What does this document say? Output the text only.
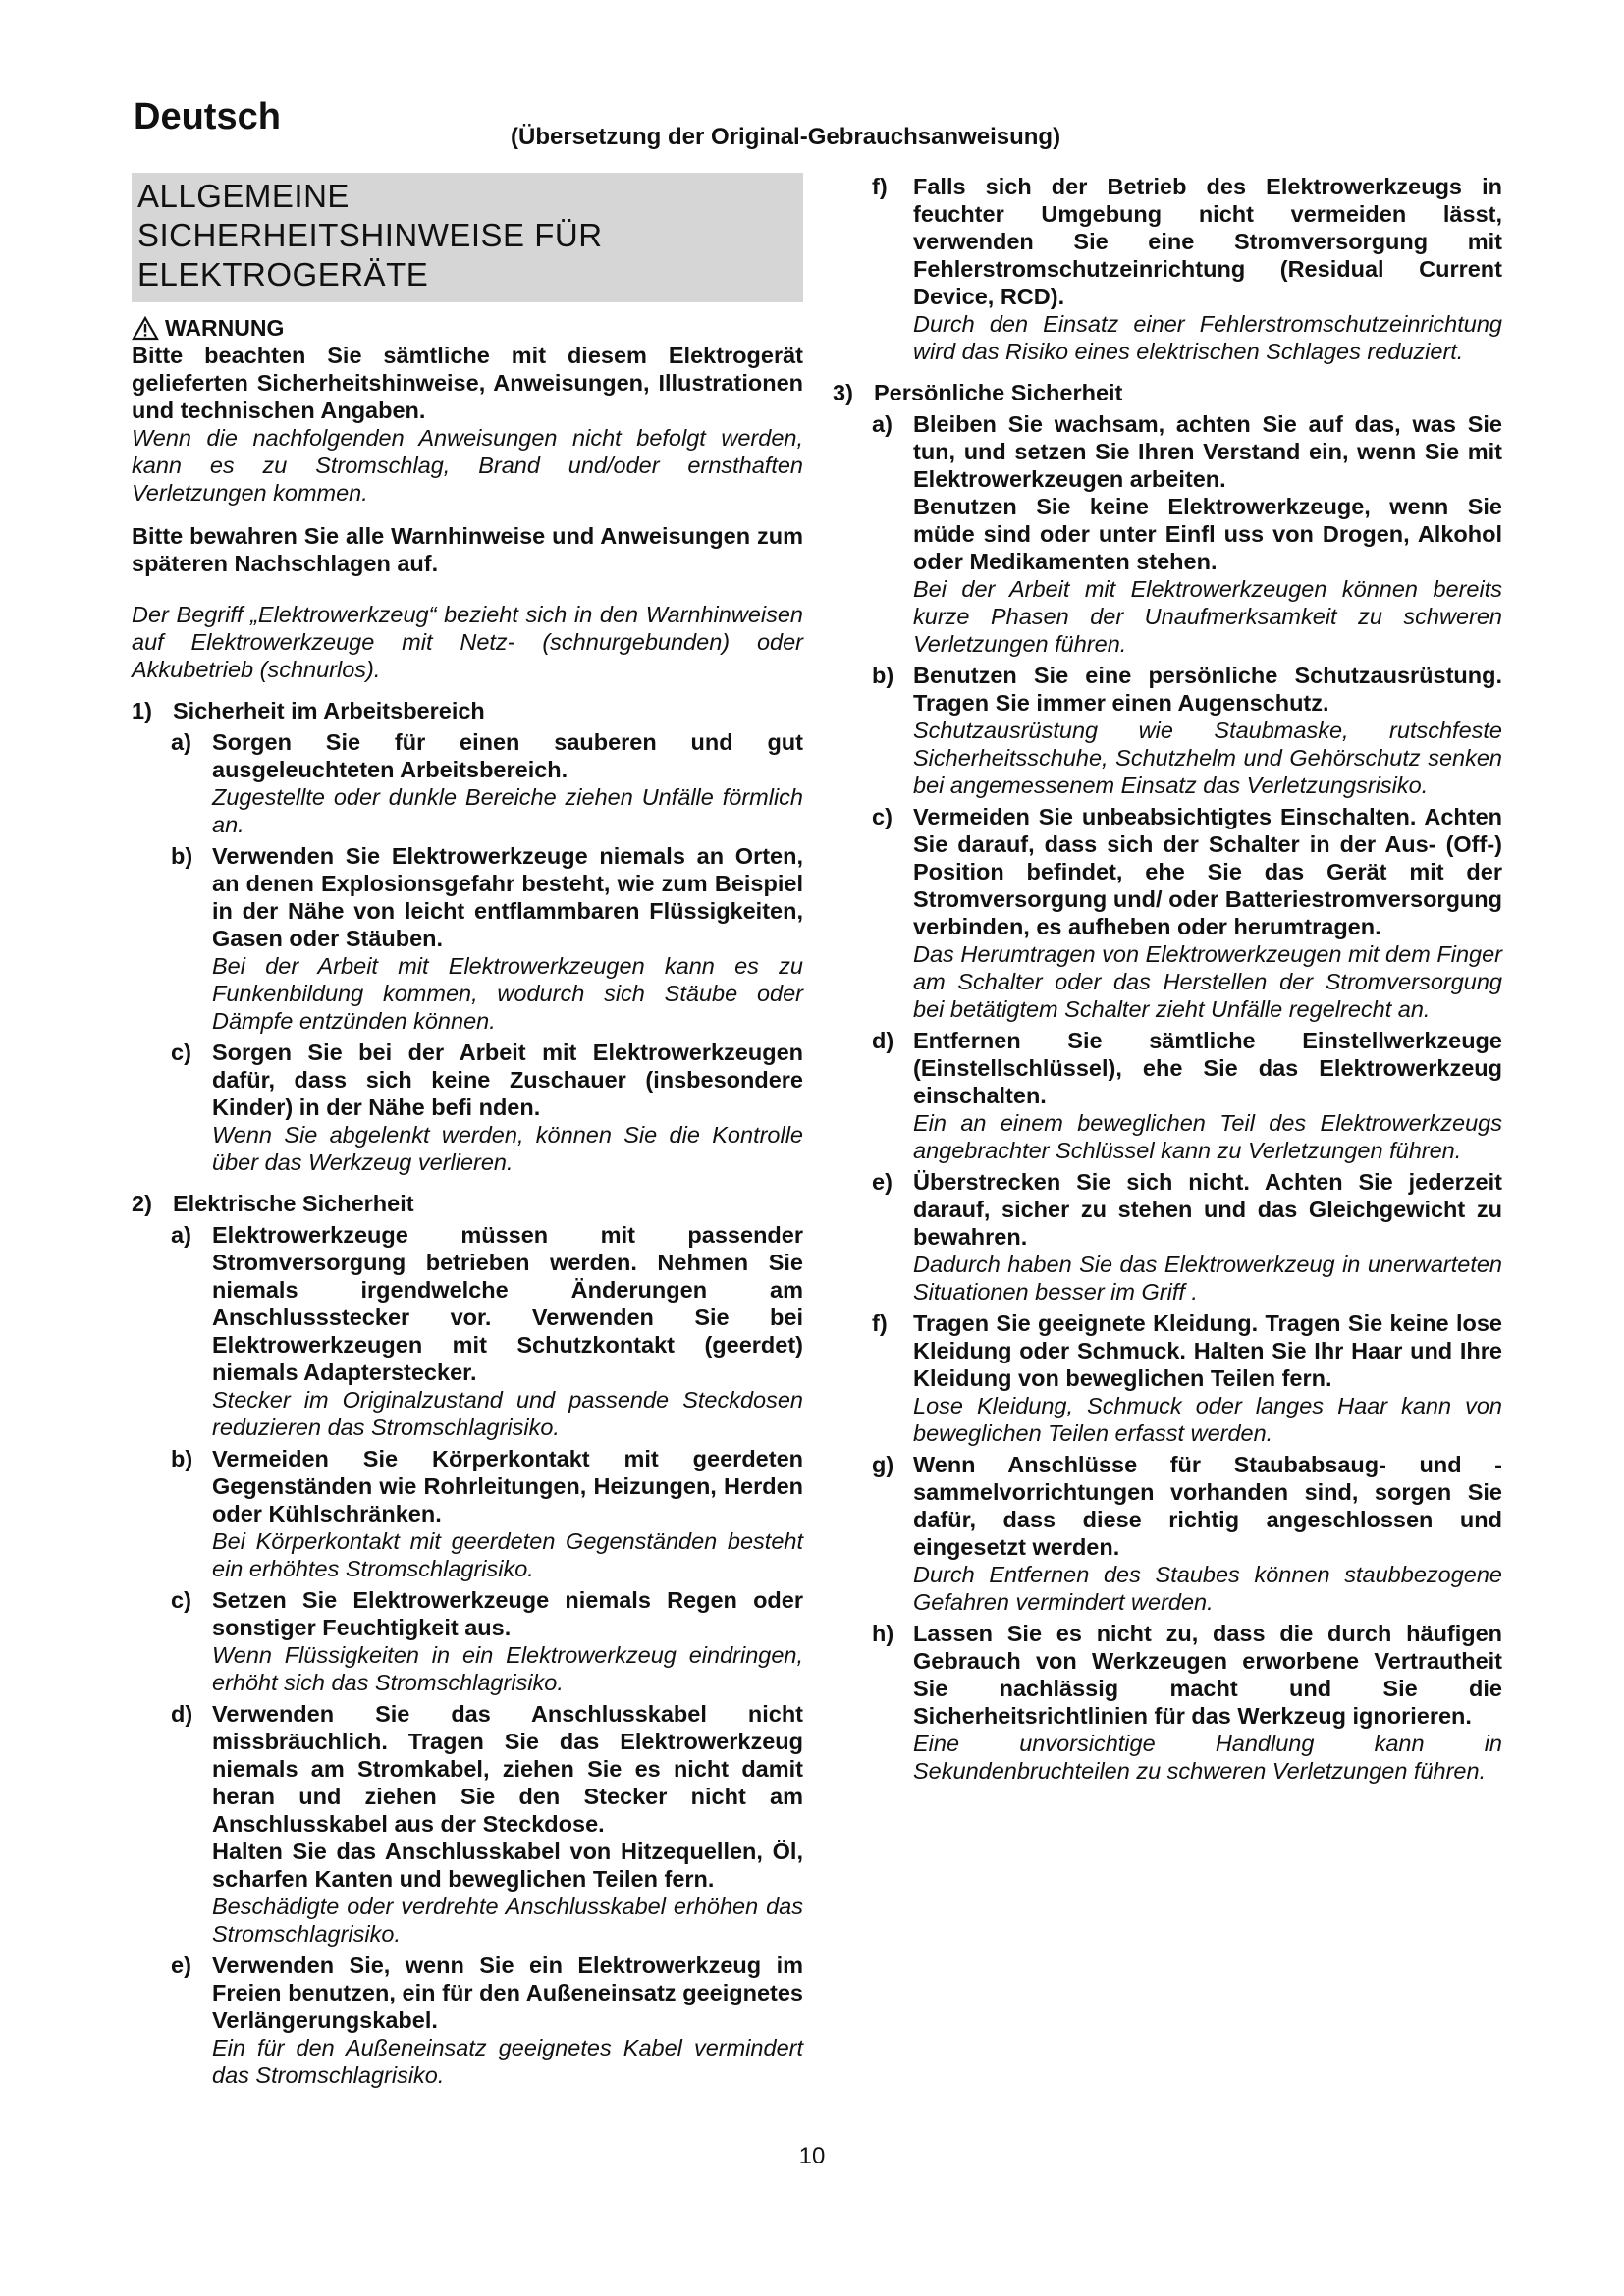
Deutsch	(Übersetzung der Original-Gebrauchsanweisung)
ALLGEMEINE
SICHERHEITSHINWEISE FÜR
ELEKTROGERÄTE
WARNUNG
Bitte beachten Sie sämtliche mit diesem Elektrogerät gelieferten Sicherheitshinweise, Anweisungen, Illustrationen und technischen Angaben.
Wenn die nachfolgenden Anweisungen nicht befolgt werden, kann es zu Stromschlag, Brand und/oder ernsthaften Verletzungen kommen.
Bitte bewahren Sie alle Warnhinweise und Anweisungen zum späteren Nachschlagen auf.
Der Begriff „Elektrowerkzeug“ bezieht sich in den Warnhinweisen auf Elektrowerkzeuge mit Netz- (schnurgebunden) oder Akkubetrieb (schnurlos).
1) Sicherheit im Arbeitsbereich
a) Sorgen Sie für einen sauberen und gut ausgeleuchteten Arbeitsbereich.
Zugestellte oder dunkle Bereiche ziehen Unfälle förmlich an.
b) Verwenden Sie Elektrowerkzeuge niemals an Orten, an denen Explosionsgefahr besteht, wie zum Beispiel in der Nähe von leicht entflammbaren Flüssigkeiten, Gasen oder Stäuben.
Bei der Arbeit mit Elektrowerkzeugen kann es zu Funkenbildung kommen, wodurch sich Stäube oder Dämpfe entzünden können.
c) Sorgen Sie bei der Arbeit mit Elektrowerkzeugen dafür, dass sich keine Zuschauer (insbesondere Kinder) in der Nähe befi nden.
Wenn Sie abgelenkt werden, können Sie die Kontrolle über das Werkzeug verlieren.
2) Elektrische Sicherheit
a) Elektrowerkzeuge müssen mit passender Stromversorgung betrieben werden. Nehmen Sie niemals irgendwelche Änderungen am Anschlussstecker vor. Verwenden Sie bei Elektrowerkzeugen mit Schutzkontakt (geerdet) niemals Adapterstecker.
Stecker im Originalzustand und passende Steckdosen reduzieren das Stromschlagrisiko.
b) Vermeiden Sie Körperkontakt mit geerdeten Gegenständen wie Rohrleitungen, Heizungen, Herden oder Kühlschränken.
Bei Körperkontakt mit geerdeten Gegenständen besteht ein erhöhtes Stromschlagrisiko.
c) Setzen Sie Elektrowerkzeuge niemals Regen oder sonstiger Feuchtigkeit aus.
Wenn Flüssigkeiten in ein Elektrowerkzeug eindringen, erhöht sich das Stromschlagrisiko.
d) Verwenden Sie das Anschlusskabel nicht missbräuchlich. Tragen Sie das Elektrowerkzeug niemals am Stromkabel, ziehen Sie es nicht damit heran und ziehen Sie den Stecker nicht am Anschlusskabel aus der Steckdose.
Halten Sie das Anschlusskabel von Hitzequellen, Öl, scharfen Kanten und beweglichen Teilen fern.
Beschädigte oder verdrehte Anschlusskabel erhöhen das Stromschlagrisiko.
e) Verwenden Sie, wenn Sie ein Elektrowerkzeug im Freien benutzen, ein für den Außeneinsatz geeignetes Verlängerungskabel.
Ein für den Außeneinsatz geeignetes Kabel vermindert das Stromschlagrisiko.
f)	Falls sich der Betrieb des Elektrowerkzeugs in feuchter Umgebung nicht vermeiden lässt, verwenden Sie eine Stromversorgung mit Fehlerstromschutzeinrichtung (Residual Current Device, RCD).
Durch den Einsatz einer Fehlerstromschutzeinrichtung wird das Risiko eines elektrischen Schlages reduziert.
3) Persönliche Sicherheit
a) Bleiben Sie wachsam, achten Sie auf das, was Sie tun, und setzen Sie Ihren Verstand ein, wenn Sie mit Elektrowerkzeugen arbeiten.
Benutzen Sie keine Elektrowerkzeuge, wenn Sie müde sind oder unter Einfl uss von Drogen, Alkohol oder Medikamenten stehen.
Bei der Arbeit mit Elektrowerkzeugen können bereits kurze Phasen der Unaufmerksamkeit zu schweren Verletzungen führen.
b) Benutzen Sie eine persönliche Schutzausrüstung. Tragen Sie immer einen Augenschutz.
Schutzausrüstung wie Staubmaske, rutschfeste Sicherheitsschuhe, Schutzhelm und Gehörschutz senken bei angemessenem Einsatz das Verletzungsrisiko.
c) Vermeiden Sie unbeabsichtigtes Einschalten. Achten Sie darauf, dass sich der Schalter in der Aus- (Off-) Position befindet, ehe Sie das Gerät mit der Stromversorgung und/ oder Batteriestromversorgung verbinden, es aufheben oder herumtragen.
Das Herumtragen von Elektrowerkzeugen mit dem Finger am Schalter oder das Herstellen der Stromversorgung bei betätigtem Schalter zieht Unfälle regelrecht an.
d) Entfernen Sie sämtliche Einstellwerkzeuge (Einstellschlüssel), ehe Sie das Elektrowerkzeug einschalten.
Ein an einem beweglichen Teil des Elektrowerkzeugs angebrachter Schlüssel kann zu Verletzungen führen.
e) Überstrecken Sie sich nicht. Achten Sie jederzeit darauf, sicher zu stehen und das Gleichgewicht zu bewahren.
Dadurch haben Sie das Elektrowerkzeug in unerwarteten Situationen besser im Griff .
f)	Tragen Sie geeignete Kleidung. Tragen Sie keine lose Kleidung oder Schmuck. Halten Sie Ihr Haar und Ihre Kleidung von beweglichen Teilen fern.
Lose Kleidung, Schmuck oder langes Haar kann von beweglichen Teilen erfasst werden.
g) Wenn Anschlüsse für Staubabsaug- und -sammelvorrichtungen vorhanden sind, sorgen Sie dafür, dass diese richtig angeschlossen und eingesetzt werden.
Durch Entfernen des Staubes können staubbezogene Gefahren vermindert werden.
h) Lassen Sie es nicht zu, dass die durch häufigen Gebrauch von Werkzeugen erworbene Vertrautheit Sie nachlässig macht und Sie die Sicherheitsrichtlinien für das Werkzeug ignorieren.
Eine unvorsichtige Handlung kann in Sekundenbruchteilen zu schweren Verletzungen führen.
10
